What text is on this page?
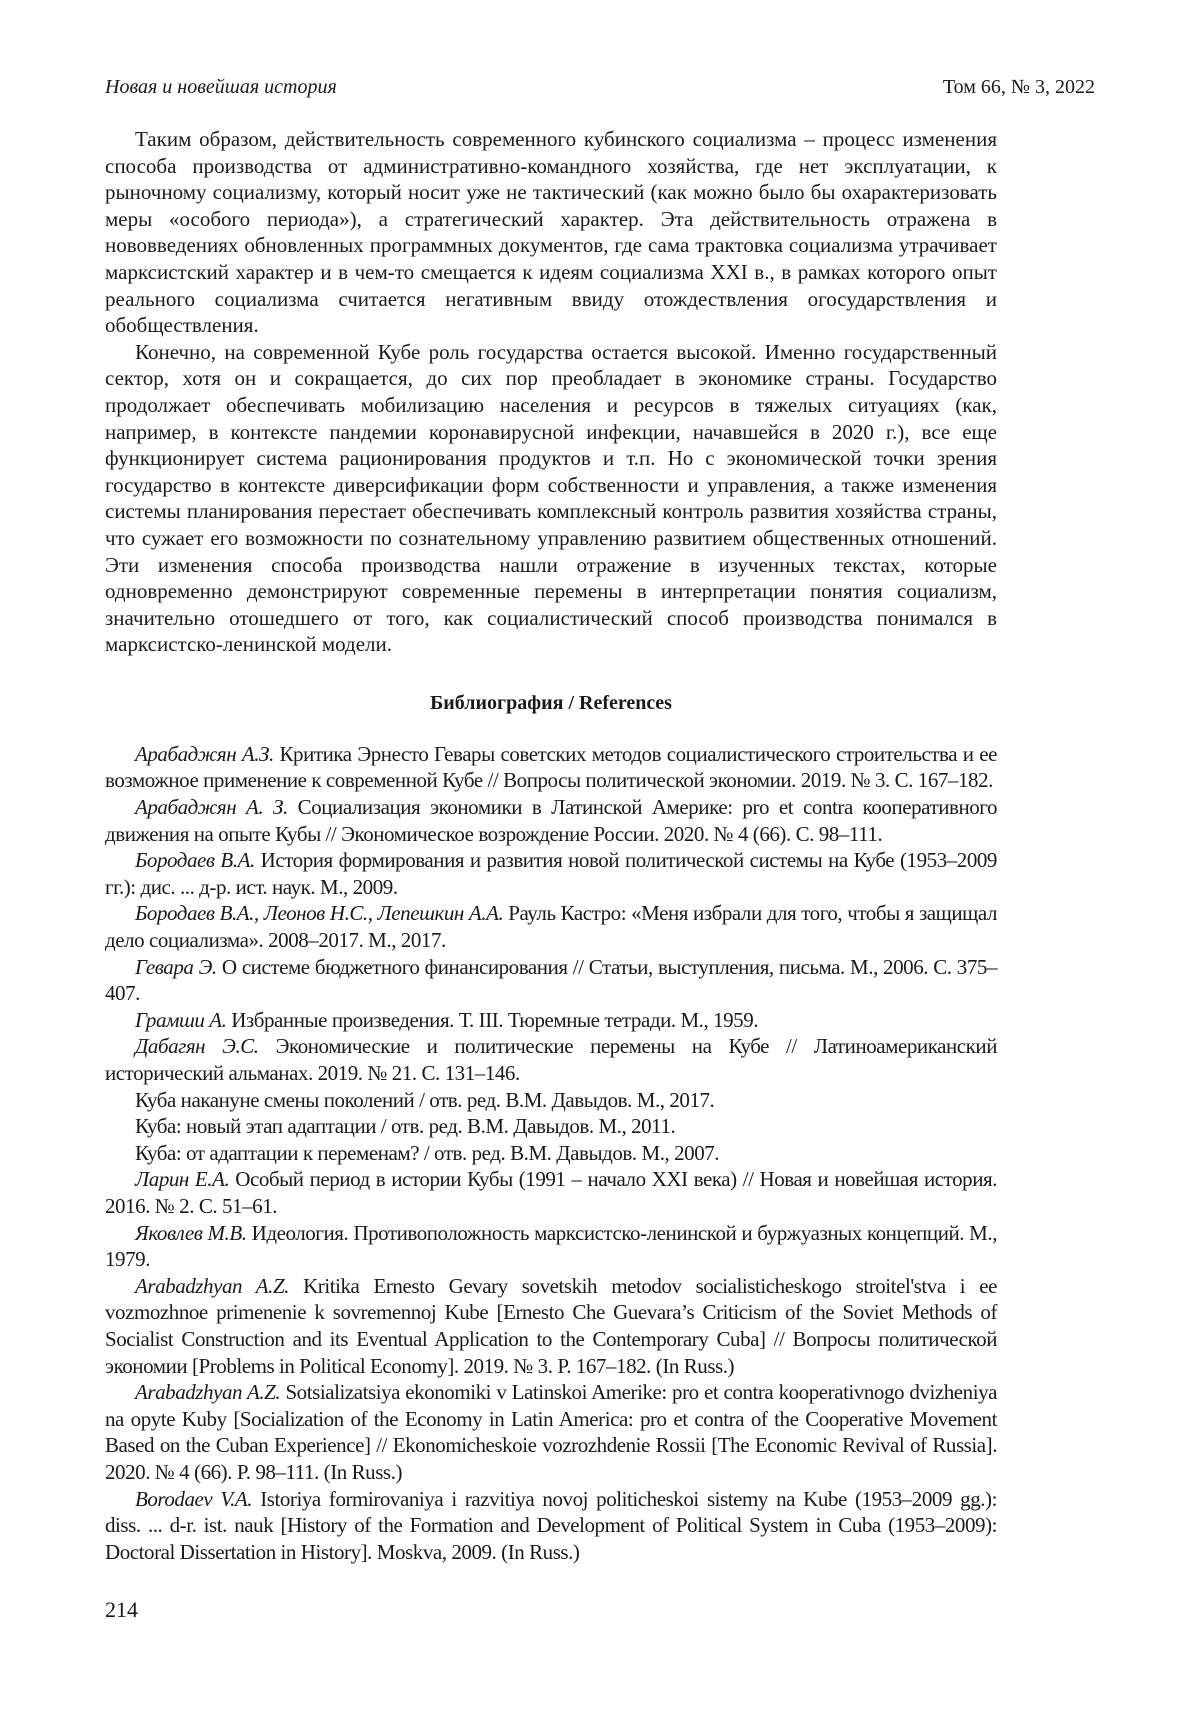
Новая и новейшая история	Том 66, № 3, 2022

Таким образом, действительность современного кубинского социализма – процесс изменения способа производства от административно-командного хозяйства, где нет эксплуатации, к рыночному социализму, который носит уже не тактический (как можно было бы охарактеризовать меры «особого периода»), а стратегический характер. Эта действительность отражена в нововведениях обновленных программных документов, где сама трактовка социализма утрачивает марксистский характер и в чем-то смещается к идеям социализма XXI в., в рамках которого опыт реального социализма считается негативным ввиду отождествления огосударствления и обобществления.

Конечно, на современной Кубе роль государства остается высокой. Именно государственный сектор, хотя он и сокращается, до сих пор преобладает в экономике страны. Государство продолжает обеспечивать мобилизацию населения и ресурсов в тяжелых ситуациях (как, например, в контексте пандемии коронавирусной инфекции, начавшейся в 2020 г.), все еще функционирует система рационирования продуктов и т.п. Но с экономической точки зрения государство в контексте диверсификации форм собственности и управления, а также изменения системы планирования перестает обеспечивать комплексный контроль развития хозяйства страны, что сужает его возможности по сознательному управлению развитием общественных отношений. Эти изменения способа производства нашли отражение в изученных текстах, которые одновременно демонстрируют современные перемены в интерпретации понятия социализм, значительно отошедшего от того, как социалистический способ производства понимался в марксистско-ленинской модели.

Библиография / References

Арабаджян А.З. Критика Эрнесто Гевары советских методов социалистического строительства и ее возможное применение к современной Кубе // Вопросы политической экономии. 2019. № 3. С. 167–182.

Арабаджян А. З. Социализация экономики в Латинской Америке: pro et contra кооперативного движения на опыте Кубы // Экономическое возрождение России. 2020. № 4 (66). С. 98–111.

Бородаев В.А. История формирования и развития новой политической системы на Кубе (1953–2009 гг.): дис. ... д-р. ист. наук. М., 2009.

Бородаев В.А., Леонов Н.С., Лепешкин А.А. Рауль Кастро: «Меня избрали для того, чтобы я защищал дело социализма». 2008–2017. М., 2017.

Гевара Э. О системе бюджетного финансирования // Статьи, выступления, письма. М., 2006. С. 375–407.

Грамши А. Избранные произведения. Т. III. Тюремные тетради. М., 1959.

Дабагян Э.С. Экономические и политические перемены на Кубе // Латиноамериканский исторический альманах. 2019. № 21. С. 131–146.

Куба накануне смены поколений / отв. ред. В.М. Давыдов. М., 2017.

Куба: новый этап адаптации / отв. ред. В.М. Давыдов. М., 2011.

Куба: от адаптации к переменам? / отв. ред. В.М. Давыдов. М., 2007.

Ларин Е.А. Особый период в истории Кубы (1991 – начало XXI века) // Новая и новейшая история. 2016. № 2. С. 51–61.

Яковлев М.В. Идеология. Противоположность марксистско-ленинской и буржуазных концепций. М., 1979.

Arabadzhyan A.Z. Kritika Ernesto Gevary sovetskih metodov socialisticheskogo stroitel'stva i ee vozmozhnoe primenenie k sovremennoj Kube [Ernesto Che Guevara’s Criticism of the Soviet Methods of Socialist Construction and its Eventual Application to the Contemporary Cuba] // Вопросы политической экономии [Problems in Political Economy]. 2019. № 3. P. 167–182. (In Russ.)

Arabadzhyan A.Z. Sotsializatsiya ekonomiki v Latinskoi Amerike: pro et contra kooperativnogo dvizheniya na opyte Kuby [Socialization of the Economy in Latin America: pro et contra of the Cooperative Movement Based on the Cuban Experience] // Ekonomicheskoie vozrozhdenie Rossii [The Economic Revival of Russia]. 2020. № 4 (66). P. 98–111. (In Russ.)

Borodaev V.A. Istoriya formirovaniya i razvitiya novoj politicheskoi sistemy na Kube (1953–2009 gg.): diss. ... d-r. ist. nauk [History of the Formation and Development of Political System in Cuba (1953–2009): Doctoral Dissertation in History]. Moskva, 2009. (In Russ.)

214
